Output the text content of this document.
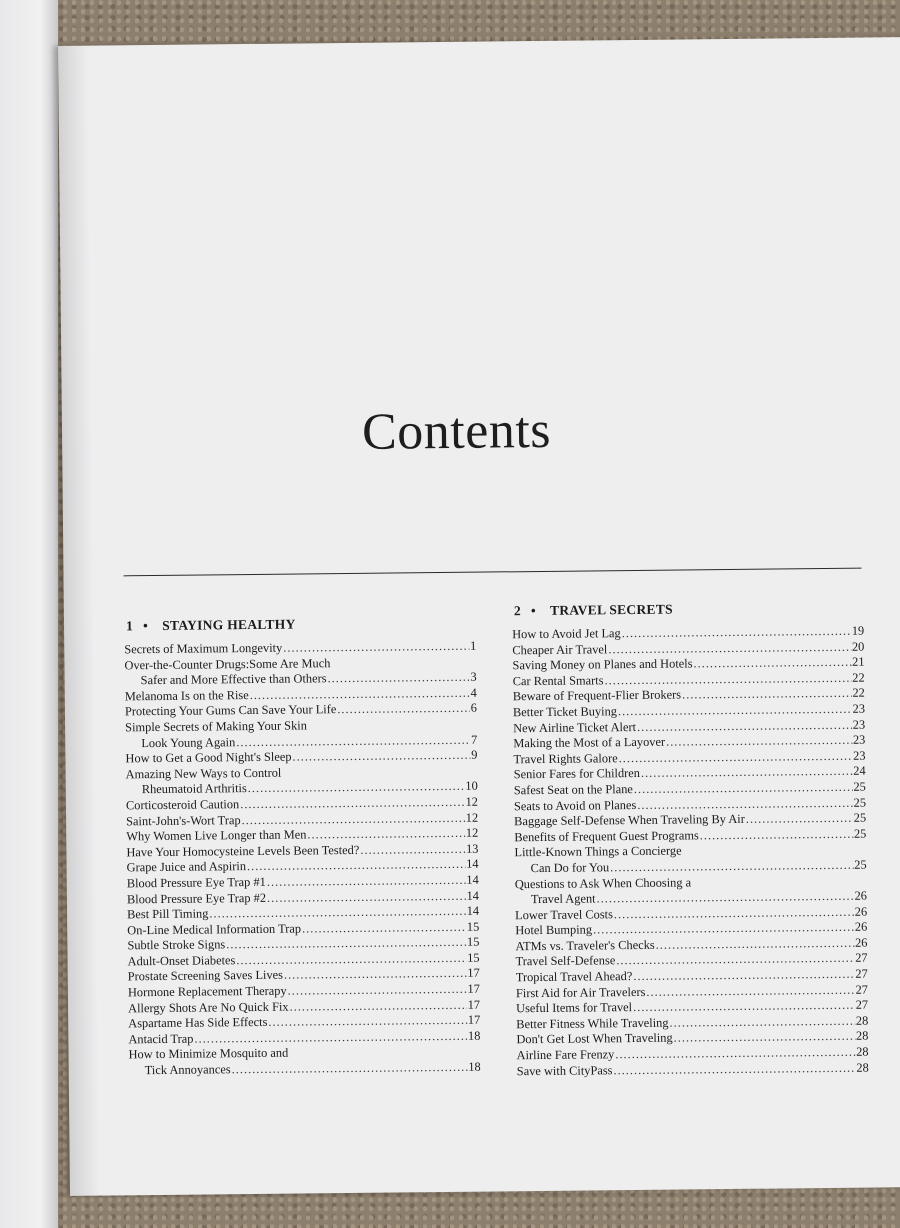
Contents
1 • STAYING HEALTHY
Secrets of Maximum Longevity .....	1
Over-the-Counter Drugs:Some Are Much
Safer and More Effective than Others .....	3
Melanoma Is on the Rise .....	4
Protecting Your Gums Can Save Your Life .....	6
Simple Secrets of Making Your Skin
Look Young Again .....	7
How to Get a Good Night's Sleep .....	9
Amazing New Ways to Control
Rheumatoid Arthritis .....	10
Corticosteroid Caution .....	12
Saint-John's-Wort Trap .....	12
Why Women Live Longer than Men .....	12
Have Your Homocysteine Levels Been Tested? .....	13
Grape Juice and Aspirin .....	14
Blood Pressure Eye Trap #1 .....	14
Blood Pressure Eye Trap #2 .....	14
Best Pill Timing .....	14
On-Line Medical Information Trap .....	15
Subtle Stroke Signs .....	15
Adult-Onset Diabetes .....	15
Prostate Screening Saves Lives .....	17
Hormone Replacement Therapy .....	17
Allergy Shots Are No Quick Fix .....	17
Aspartame Has Side Effects .....	17
Antacid Trap .....	18
How to Minimize Mosquito and
Tick Annoyances .....	18
2 • TRAVEL SECRETS
How to Avoid Jet Lag .....	19
Cheaper Air Travel .....	20
Saving Money on Planes and Hotels .....	21
Car Rental Smarts .....	22
Beware of Frequent-Flier Brokers .....	22
Better Ticket Buying .....	23
New Airline Ticket Alert .....	23
Making the Most of a Layover .....	23
Travel Rights Galore .....	23
Senior Fares for Children .....	24
Safest Seat on the Plane .....	25
Seats to Avoid on Planes .....	25
Baggage Self-Defense When Traveling By Air .....	25
Benefits of Frequent Guest Programs .....	25
Little-Known Things a Concierge
Can Do for You .....	25
Questions to Ask When Choosing a
Travel Agent .....	26
Lower Travel Costs .....	26
Hotel Bumping .....	26
ATMs vs. Traveler's Checks .....	26
Travel Self-Defense .....	27
Tropical Travel Ahead? .....	27
First Aid for Air Travelers .....	27
Useful Items for Travel .....	27
Better Fitness While Traveling .....	28
Don't Get Lost When Traveling .....	28
Airline Fare Frenzy .....	28
Save with CityPass .....	28
